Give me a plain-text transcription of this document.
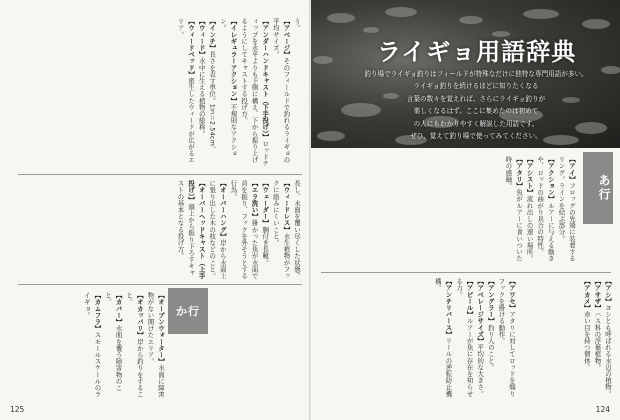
う。
【アベージ】そのフィールドで釣れるライギョの平均サイズ。
【アンダーハンドキャスト（下手投げ）】ロッドティップを水平よりも下側に構え、下から振り上げるようにしてキャストする投げ方。
【イレギュラーアクション】不規則なアクション。
【インチ】長さを表す単位。1in＝2.54cm。
【ウィード】水中に生える植物の総称。
【ウィードベッド】密生したウィードが広がるエリア。
長し、水面を覆い尽くした状態。
【ウィードレス】水生植物がフックに絡みにくいこと。
【ウェーダー】胴付き長靴。
【エラ洗い】掛かった魚が水面で首を振り、フックを外そうとする行為。
【オーバーハング】岸から水面上に張り出した木の枝などのこと。
【オーバーヘッドキャスト（上手投げ）】頭上から振り下ろすキャストの基本となる投げ方。
【オープンウォーター】水面に障害物がない開けたエリア。
【オカッパリ】岸から釣りをすること。
【カバー】水面を覆う障害物のこと。
【カムフラ】スモールスケールのライギョ。	か行
125
ライギョ用語辞典
釣り場でライギョ釣りはフィールドが特殊なだけに独特な専門用語が多い。
ライギョ釣りを続けるほどに知りたくなる
言葉の数々を覚えれば、さらにライギョ釣りが
楽しくなるはず。ここに集めたのは初めて
の人にもわかりやすく解説した用語です。
ぜひ、覚えて釣り場で使ってみてください。
あ行
【アイ】フロッグの先端に装着するリング。ラインを結ぶ部分。
【アクション】ルアーに与える動きや、ロッドの曲がり具合の特性。
【アシスト】流れ出しの速い場所。
【アタリ】魚がルアーに食いついた時の感触。
【アワセ】アタリに対してロッドを煽りフックを掛ける動作。
【アングラー】釣り人のこと。
【アベレージサイズ】平均的な大きさ。
【アピール】ルアーが魚に存在を知らせる力。
【アンチリバース】リールの逆転防止機構。	【アシ】ヨシとも呼ばれる水辺の植物。
【アサザ】ハス科の浮葉植物。
【アカメ】赤い目を持つ個体。
124
